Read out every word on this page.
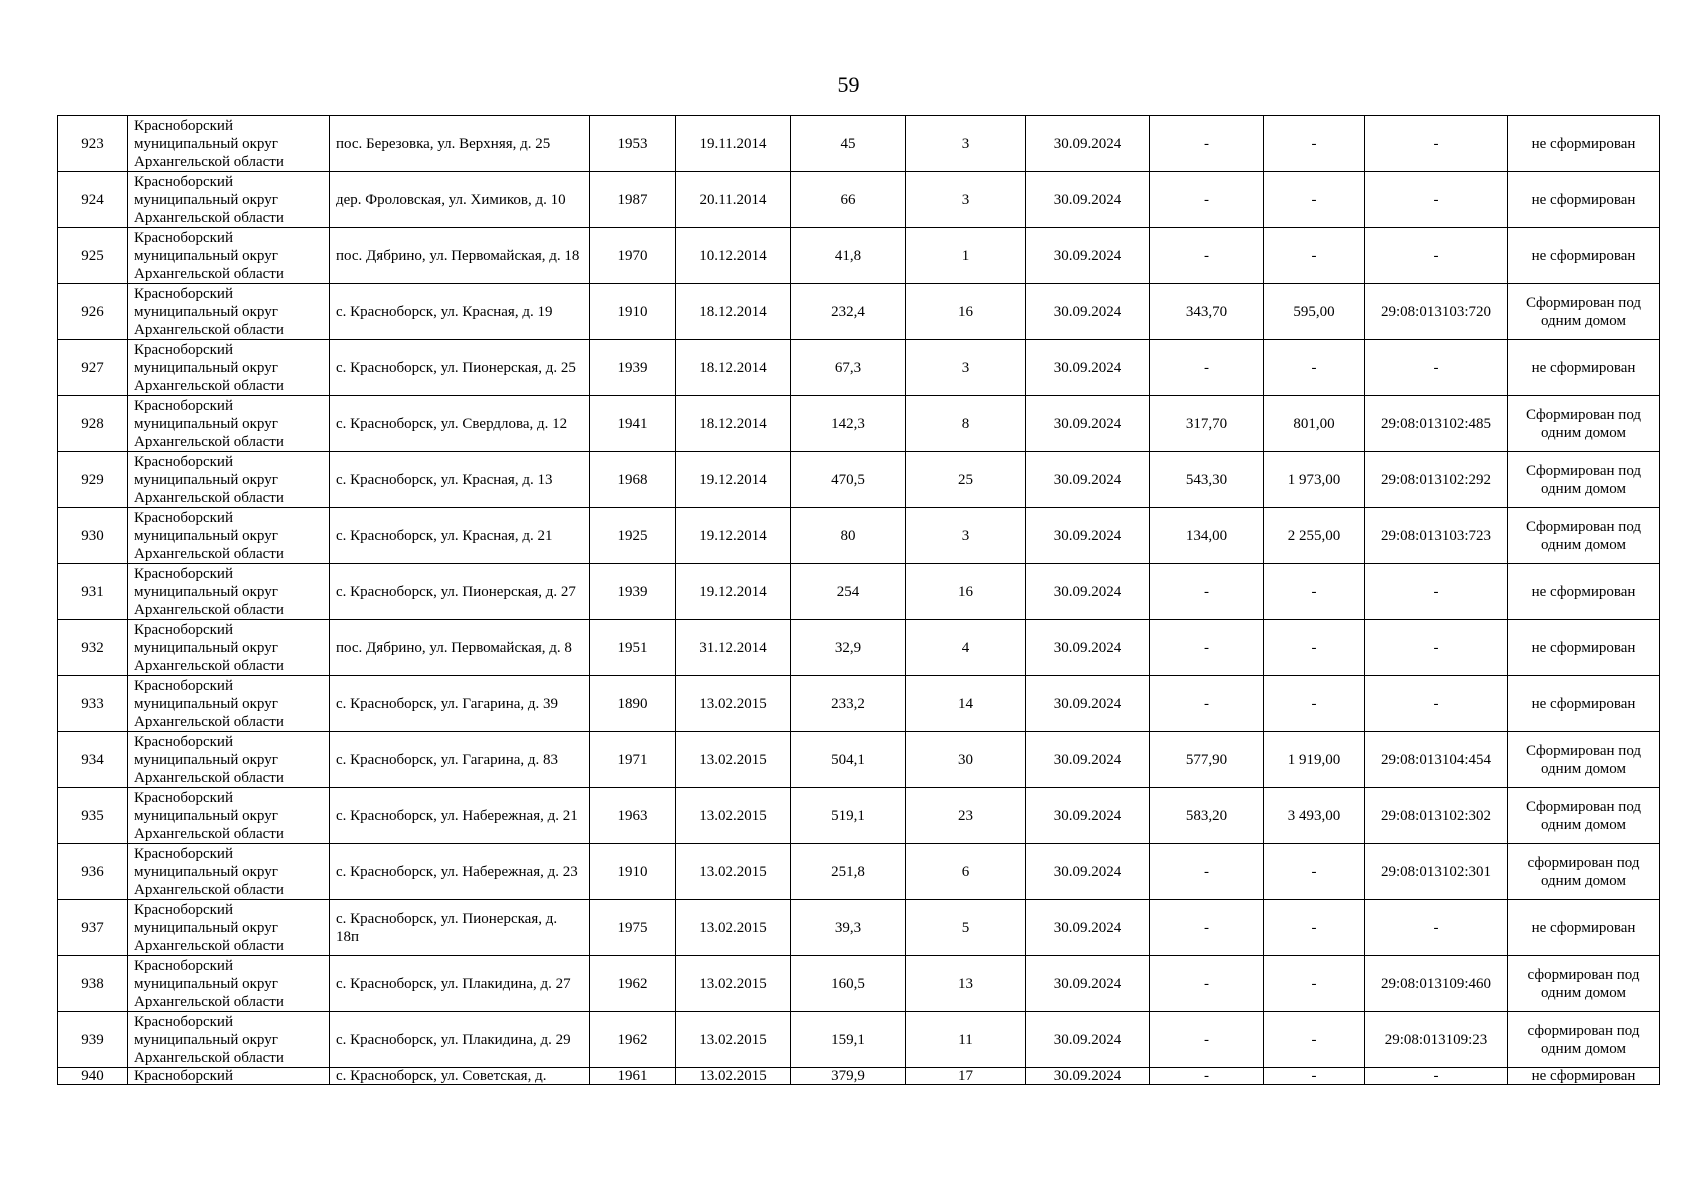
59
923	Красноборский муниципальный округ Архангельской области	пос. Березовка, ул. Верхняя, д. 25	1953	19.11.2014	45	3	30.09.2024	-	-	-	не сформирован
924	Красноборский муниципальный округ Архангельской области	дер. Фроловская, ул. Химиков, д. 10	1987	20.11.2014	66	3	30.09.2024	-	-	-	не сформирован
925	Красноборский муниципальный округ Архангельской области	пос. Дябрино, ул. Первомайская, д. 18	1970	10.12.2014	41,8	1	30.09.2024	-	-	-	не сформирован
926	Красноборский муниципальный округ Архангельской области	с. Красноборск, ул. Красная, д. 19	1910	18.12.2014	232,4	16	30.09.2024	343,70	595,00	29:08:013103:720	Сформирован под одним домом
927	Красноборский муниципальный округ Архангельской области	с. Красноборск, ул. Пионерская, д. 25	1939	18.12.2014	67,3	3	30.09.2024	-	-	-	не сформирован
928	Красноборский муниципальный округ Архангельской области	с. Красноборск, ул. Свердлова, д. 12	1941	18.12.2014	142,3	8	30.09.2024	317,70	801,00	29:08:013102:485	Сформирован под одним домом
929	Красноборский муниципальный округ Архангельской области	с. Красноборск, ул. Красная, д. 13	1968	19.12.2014	470,5	25	30.09.2024	543,30	1 973,00	29:08:013102:292	Сформирован под одним домом
930	Красноборский муниципальный округ Архангельской области	с. Красноборск, ул. Красная, д. 21	1925	19.12.2014	80	3	30.09.2024	134,00	2 255,00	29:08:013103:723	Сформирован под одним домом
931	Красноборский муниципальный округ Архангельской области	с. Красноборск, ул. Пионерская, д. 27	1939	19.12.2014	254	16	30.09.2024	-	-	-	не сформирован
932	Красноборский муниципальный округ Архангельской области	пос. Дябрино, ул. Первомайская, д. 8	1951	31.12.2014	32,9	4	30.09.2024	-	-	-	не сформирован
933	Красноборский муниципальный округ Архангельской области	с. Красноборск, ул. Гагарина, д. 39	1890	13.02.2015	233,2	14	30.09.2024	-	-	-	не сформирован
934	Красноборский муниципальный округ Архангельской области	с. Красноборск, ул. Гагарина, д. 83	1971	13.02.2015	504,1	30	30.09.2024	577,90	1 919,00	29:08:013104:454	Сформирован под одним домом
935	Красноборский муниципальный округ Архангельской области	с. Красноборск, ул. Набережная, д. 21	1963	13.02.2015	519,1	23	30.09.2024	583,20	3 493,00	29:08:013102:302	Сформирован под одним домом
936	Красноборский муниципальный округ Архангельской области	с. Красноборск, ул. Набережная, д. 23	1910	13.02.2015	251,8	6	30.09.2024	-	-	29:08:013102:301	сформирован под одним домом
937	Красноборский муниципальный округ Архангельской области	с. Красноборск, ул. Пионерская, д. 18п	1975	13.02.2015	39,3	5	30.09.2024	-	-	-	не сформирован
938	Красноборский муниципальный округ Архангельской области	с. Красноборск, ул. Плакидина, д. 27	1962	13.02.2015	160,5	13	30.09.2024	-	-	29:08:013109:460	сформирован под одним домом
939	Красноборский муниципальный округ Архангельской области	с. Красноборск, ул. Плакидина, д. 29	1962	13.02.2015	159,1	11	30.09.2024	-	-	29:08:013109:23	сформирован под одним домом
940	Красноборский	с. Красноборск, ул. Советская, д.	1961	13.02.2015	379,9	17	30.09.2024	-	-	-	не сформирован
